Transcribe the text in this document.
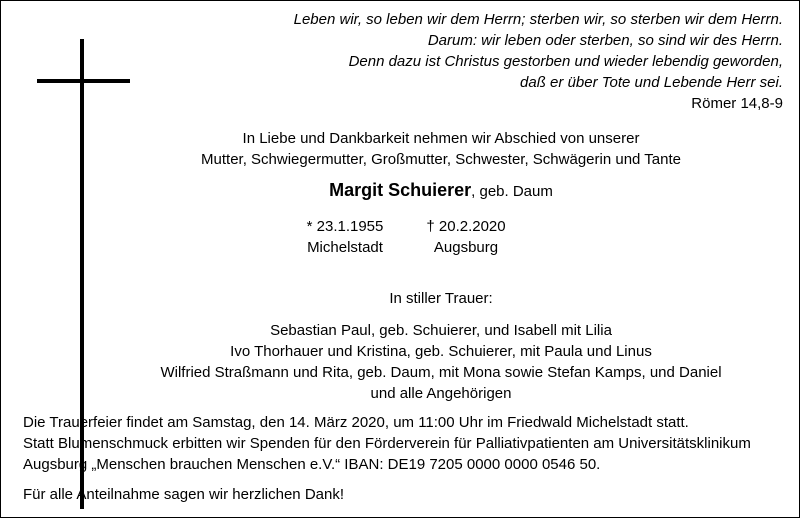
Leben wir, so leben wir dem Herrn; sterben wir, so sterben wir dem Herrn.
Darum: wir leben oder sterben, so sind wir des Herrn.
Denn dazu ist Christus gestorben und wieder lebendig geworden,
daß er über Tote und Lebende Herr sei.
Römer 14,8-9
In Liebe und Dankbarkeit nehmen wir Abschied von unserer
Mutter, Schwiegermutter, Großmutter, Schwester, Schwägerin und Tante
Margit Schuierer, geb. Daum
* 23.1.1955
Michelstadt
† 20.2.2020
Augsburg
In stiller Trauer:
Sebastian Paul, geb. Schuierer, und Isabell mit Lilia
Ivo Thorhauer und Kristina, geb. Schuierer, mit Paula und Linus
Wilfried Straßmann und Rita, geb. Daum, mit Mona sowie Stefan Kamps, und Daniel
und alle Angehörigen
Die Trauerfeier findet am Samstag, den 14. März 2020, um 11:00 Uhr im Friedwald Michelstadt statt.
Statt Blumenschmuck erbitten wir Spenden für den Förderverein für Palliativpatienten am Universitätsklinikum
Augsburg „Menschen brauchen Menschen e.V.“ IBAN: DE19 7205 0000 0000 0546 50.
Für alle Anteilnahme sagen wir herzlichen Dank!
